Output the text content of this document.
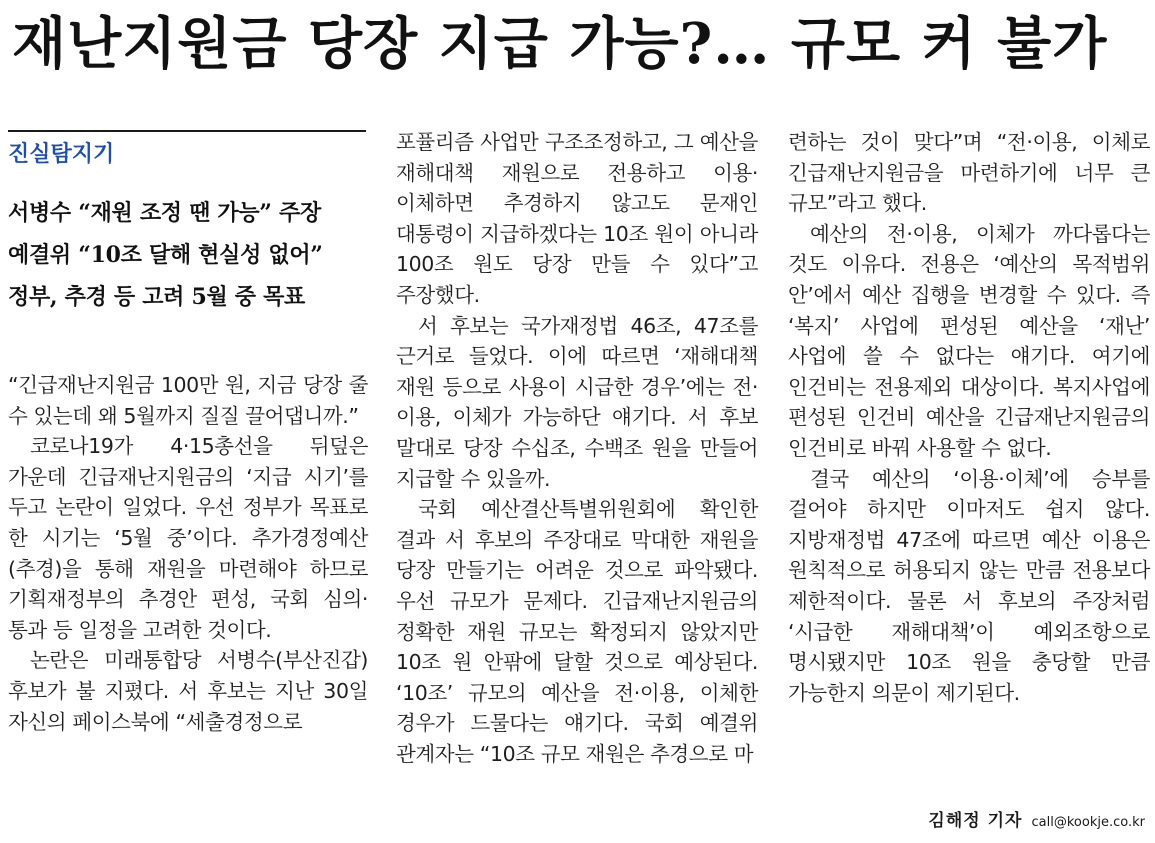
재난지원금 당장 지급 가능?… 규모 커 불가
진실탐지기
서병수 “재원 조정 땐 가능” 주장
예결위 “10조 달해 현실성 없어”
정부, 추경 등 고려 5월 중 목표

“긴급재난지원금 100만 원, 지금 당장 줄 수 있는데 왜 5월까지 질질 끌어댑니까.”

코로나19가 4·15총선을 뒤덮은 가운데 긴급재난지원금의 ‘지급 시기’를 두고 논란이 일었다. 우선 정부가 목표로 한 시기는 ‘5월 중’이다. 추가경정예산(추경)을 통해 재원을 마련해야 하므로 기획재정부의 추경안 편성, 국회 심의·통과 등 일정을 고려한 것이다.

논란은 미래통합당 서병수(부산진갑) 후보가 불 지폈다. 서 후보는 지난 30일 자신의 페이스북에 “세출경정으로

포퓰리즘 사업만 구조조정하고, 그 예산을 재해대책 재원으로 전용하고 이용·이체하면 추경하지 않고도 문재인 대통령이 지급하겠다는 10조 원이 아니라 100조 원도 당장 만들 수 있다”고 주장했다.

서 후보는 국가재정법 46조, 47조를 근거로 들었다. 이에 따르면 ‘재해대책 재원 등으로 사용이 시급한 경우’에는 전·이용, 이체가 가능하단 얘기다. 서 후보 말대로 당장 수십조, 수백조 원을 만들어 지급할 수 있을까.

국회 예산결산특별위원회에 확인한 결과 서 후보의 주장대로 막대한 재원을 당장 만들기는 어려운 것으로 파악됐다. 우선 규모가 문제다. 긴급재난지원금의 정확한 재원 규모는 확정되지 않았지만 10조 원 안팎에 달할 것으로 예상된다. ‘10조’ 규모의 예산을 전·이용, 이체한 경우가 드물다는 얘기다. 국회 예결위 관계자는 “10조 규모 재원은 추경으로 마

련하는 것이 맞다”며 “전·이용, 이체로 긴급재난지원금을 마련하기에 너무 큰 규모”라고 했다.

예산의 전·이용, 이체가 까다롭다는 것도 이유다. 전용은 ‘예산의 목적범위 안’에서 예산 집행을 변경할 수 있다. 즉 ‘복지’ 사업에 편성된 예산을 ‘재난’ 사업에 쓸 수 없다는 얘기다. 여기에 인건비는 전용제외 대상이다. 복지사업에 편성된 인건비 예산을 긴급재난지원금의 인건비로 바꿔 사용할 수 없다.

결국 예산의 ‘이용·이체’에 승부를 걸어야 하지만 이마저도 쉽지 않다. 지방재정법 47조에 따르면 예산 이용은 원칙적으로 허용되지 않는 만큼 전용보다 제한적이다. 물론 서 후보의 주장처럼 ‘시급한 재해대책’이 예외조항으로 명시됐지만 10조 원을 충당할 만큼 가능한지 의문이 제기된다.

김해정 기자 call@kookje.co.kr
